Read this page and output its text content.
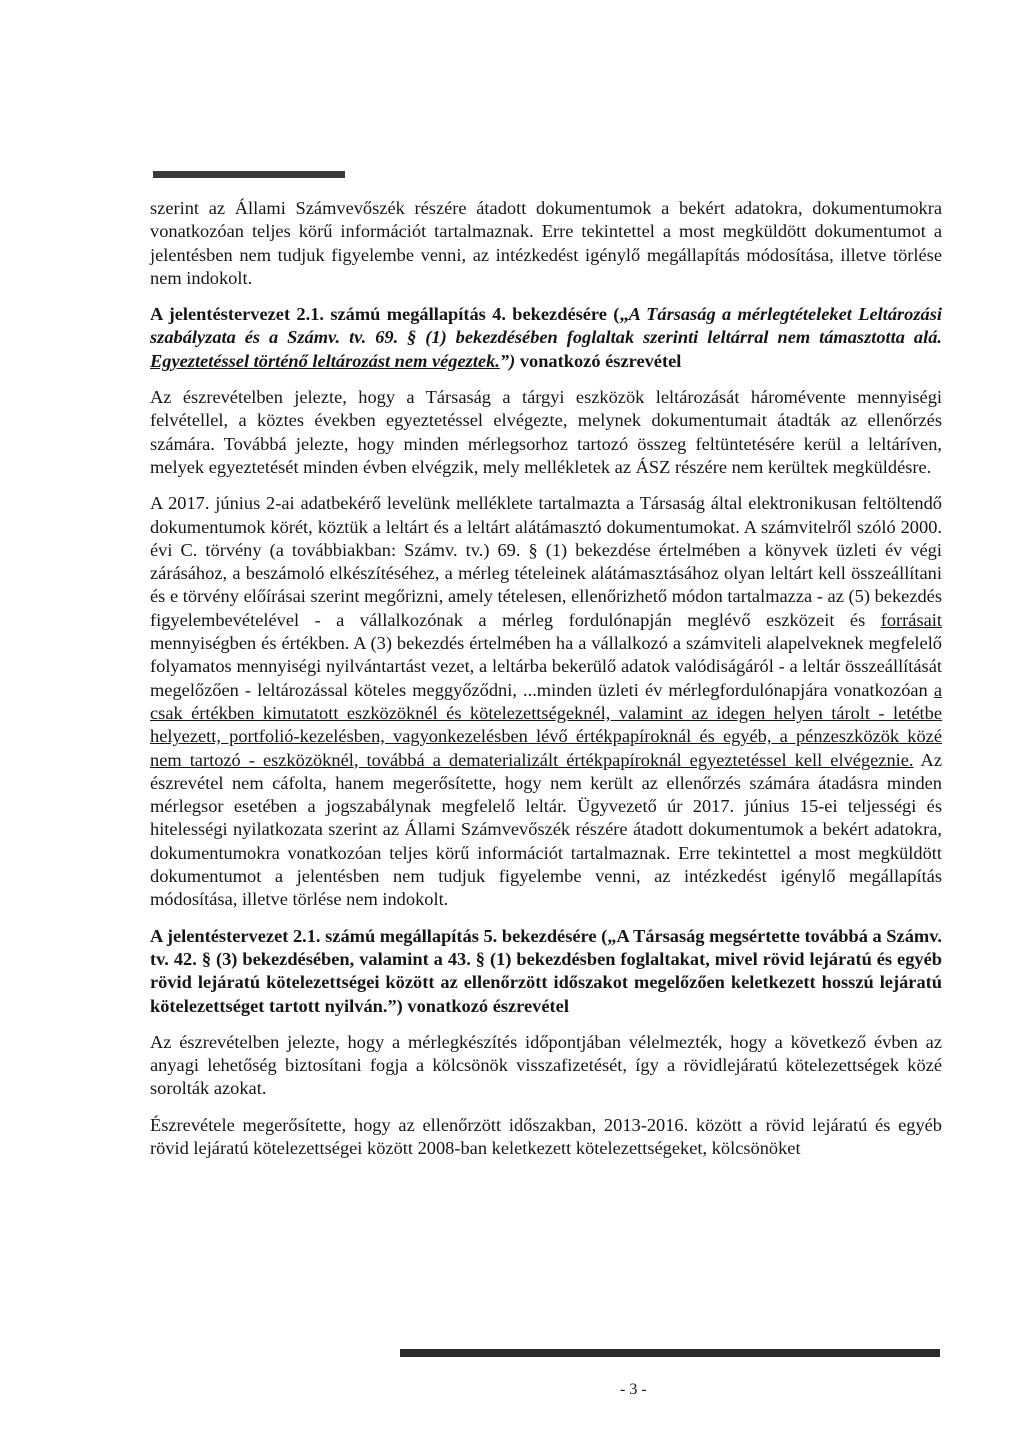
szerint az Állami Számvevőszék részére átadott dokumentumok a bekért adatokra, dokumentumokra vonatkozóan teljes körű információt tartalmaznak. Erre tekintettel a most megküldött dokumentumot a jelentésben nem tudjuk figyelembe venni, az intézkedést igénylő megállapítás módosítása, illetve törlése nem indokolt.

A jelentéstervezet 2.1. számú megállapítás 4. bekezdésére („A Társaság a mérlegtételeket Leltározási szabályzata és a Számv. tv. 69. § (1) bekezdésében foglaltak szerinti leltárral nem támasztotta alá. Egyeztetéssel történő leltározást nem végeztek.”) vonatkozó észrevétel

Az észrevételben jelezte, hogy a Társaság a tárgyi eszközök leltározását háromévente mennyiségi felvétellel, a köztes években egyeztetéssel elvégezte, melynek dokumentumait átadták az ellenőrzés számára. Továbbá jelezte, hogy minden mérlegsorhoz tartozó összeg feltüntetésére kerül a leltáríven, melyek egyeztetését minden évben elvégzik, mely mellékletek az ÁSZ részére nem kerültek megküldésre.

A 2017. június 2-ai adatbekérő levelünk melléklete tartalmazta a Társaság által elektronikusan feltöltendő dokumentumok körét, köztük a leltárt és a leltárt alátámasztó dokumentumokat. A számvitelről szóló 2000. évi C. törvény (a továbbiakban: Számv. tv.) 69. § (1) bekezdése értelmében a könyvek üzleti év végi zárásához, a beszámoló elkészítéséhez, a mérleg tételeinek alátámasztásához olyan leltárt kell összeállítani és e törvény előírásai szerint megőrizni, amely tételesen, ellenőrizhető módon tartalmazza - az (5) bekezdés figyelembevételével - a vállalkozónak a mérleg fordulónapján meglévő eszközeit és forrásait mennyiségben és értékben. A (3) bekezdés értelmében ha a vállalkozó a számviteli alapelveknek megfelelő folyamatos mennyiségi nyilvántartást vezet, a leltárba bekerülő adatok valódiságáról - a leltár összeállítását megelőzően - leltározással köteles meggyőződni, ...minden üzleti év mérlegfordulónapjára vonatkozóan a csak értékben kimutatott eszközöknél és kötelezettségeknél, valamint az idegen helyen tárolt - letétbe helyezett, portfolió-kezelésben, vagyonkezelésben lévő értékpapíroknál és egyéb, a pénzeszközök közé nem tartozó - eszközöknél, továbbá a dematerializált értékpapíroknál egyeztetéssel kell elvégeznie. Az észrevétel nem cáfolta, hanem megerősítette, hogy nem került az ellenőrzés számára átadásra minden mérlegsor esetében a jogszabálynak megfelelő leltár. Ügyvezető úr 2017. június 15-ei teljességi és hitelességi nyilatkozata szerint az Állami Számvevőszék részére átadott dokumentumok a bekért adatokra, dokumentumokra vonatkozóan teljes körű információt tartalmaznak. Erre tekintettel a most megküldött dokumentumot a jelentésben nem tudjuk figyelembe venni, az intézkedést igénylő megállapítás módosítása, illetve törlése nem indokolt.

A jelentéstervezet 2.1. számú megállapítás 5. bekezdésére („A Társaság megsértette továbbá a Számv. tv. 42. § (3) bekezdésében, valamint a 43. § (1) bekezdésben foglaltakat, mivel rövid lejáratú és egyéb rövid lejáratú kötelezettségei között az ellenőrzött időszakot megelőzően keletkezett hosszú lejáratú kötelezettséget tartott nyilván.”) vonatkozó észrevétel

Az észrevételben jelezte, hogy a mérlegkészítés időpontjában vélelmezték, hogy a következő évben az anyagi lehetőség biztosítani fogja a kölcsönök visszafizetését, így a rövidlejáratú kötelezettségek közé sorolták azokat.

Észrevétele megerősítette, hogy az ellenőrzött időszakban, 2013-2016. között a rövid lejáratú és egyéb rövid lejáratú kötelezettségei között 2008-ban keletkezett kötelezettségeket, kölcsönöket

- 3 -
